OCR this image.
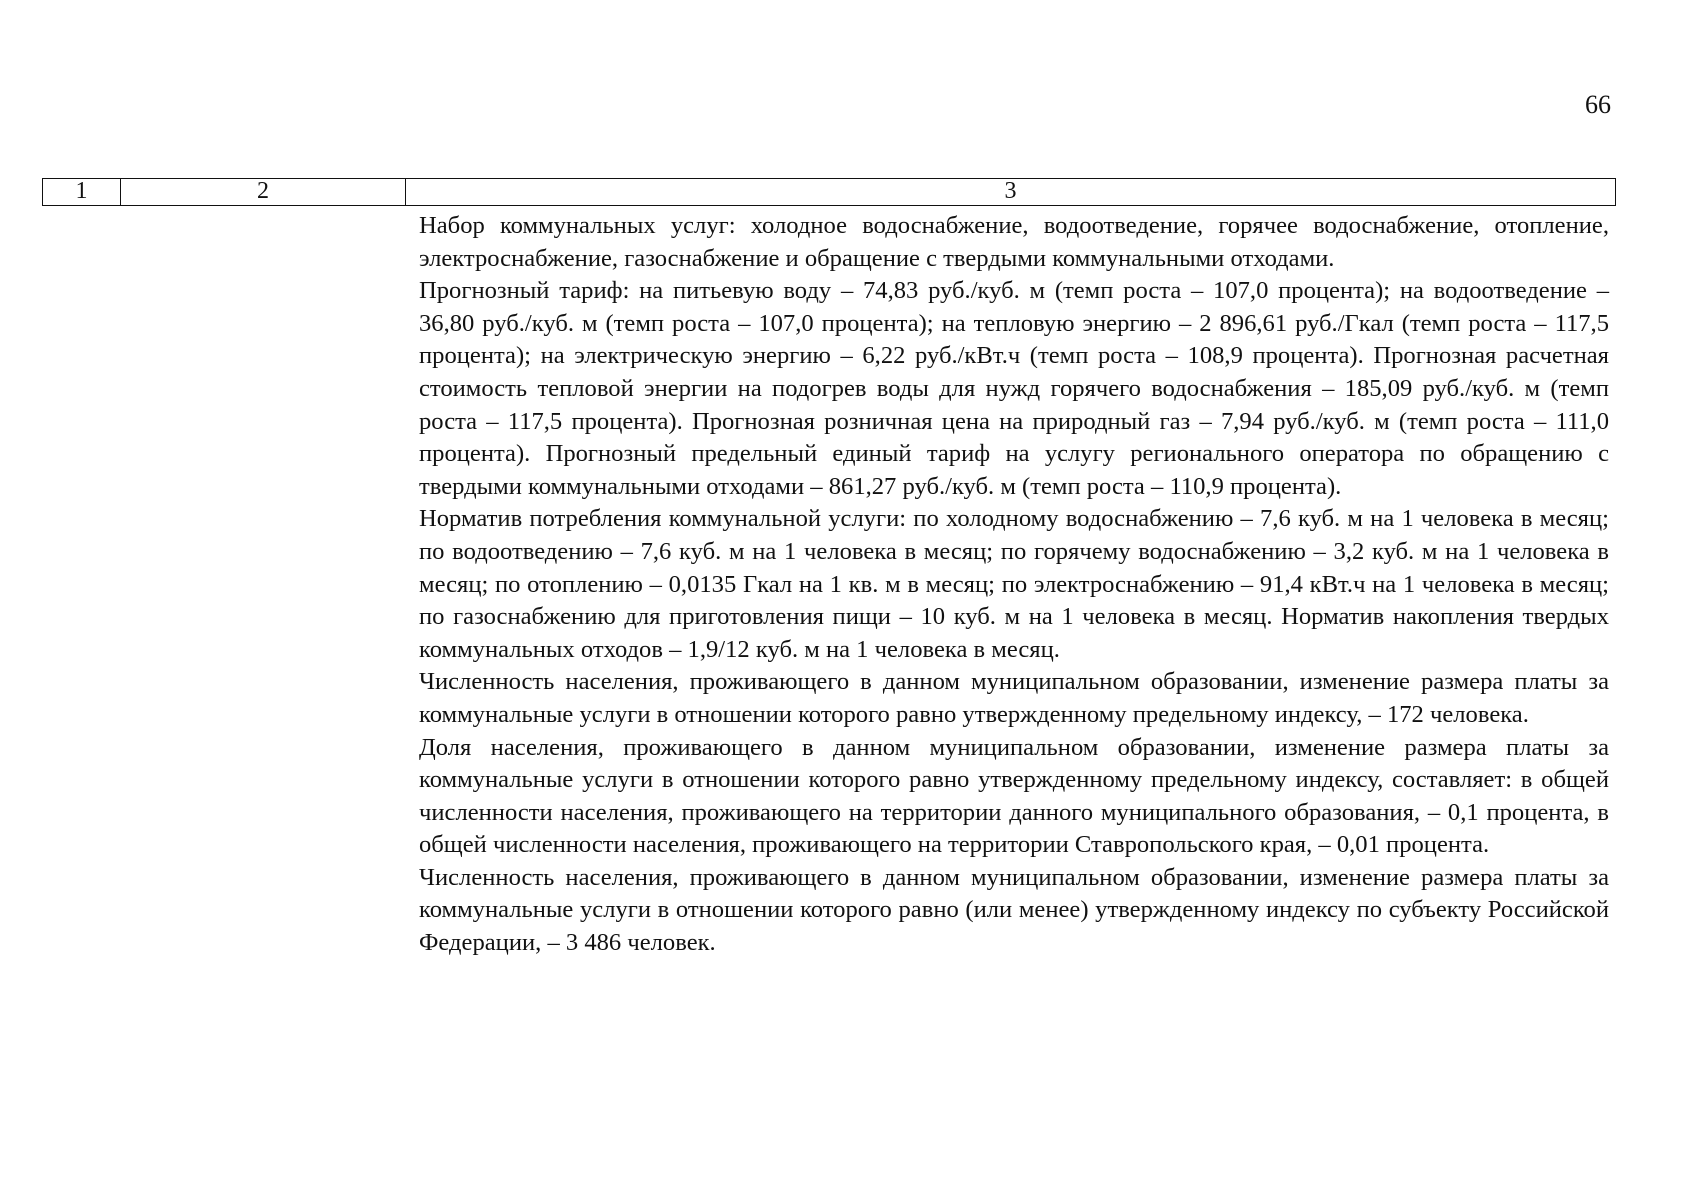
66
1	2	3

Набор коммунальных услуг: холодное водоснабжение, водоотведение, горячее водоснабжение, отопление, электроснабжение, газоснабжение и обращение с твердыми коммунальными отходами.

Прогнозный тариф: на питьевую воду – 74,83 руб./куб. м (темп роста – 107,0 процента); на водоотведение – 36,80 руб./куб. м (темп роста – 107,0 процента); на тепловую энергию – 2 896,61 руб./Гкал (темп роста – 117,5 процента); на электрическую энергию – 6,22 руб./кВт.ч (темп роста – 108,9 процента). Прогнозная расчетная стоимость тепловой энергии на подогрев воды для нужд горячего водоснабжения – 185,09 руб./куб. м (темп роста – 117,5 процента). Прогнозная розничная цена на природный газ – 7,94 руб./куб. м (темп роста – 111,0 процента). Прогнозный предельный единый тариф на услугу регионального оператора по обращению с твердыми коммунальными отходами – 861,27 руб./куб. м (темп роста – 110,9 процента).

Норматив потребления коммунальной услуги: по холодному водоснабжению – 7,6 куб. м на 1 человека в месяц; по водоотведению – 7,6 куб. м на 1 человека в месяц; по горячему водоснабжению – 3,2 куб. м на 1 человека в месяц; по отоплению – 0,0135 Гкал на 1 кв. м в месяц; по электроснабжению – 91,4 кВт.ч на 1 человека в месяц; по газоснабжению для приготовления пищи – 10 куб. м на 1 человека в месяц. Норматив накопления твердых коммунальных отходов – 1,9/12 куб. м на 1 человека в месяц.

Численность населения, проживающего в данном муниципальном образовании, изменение размера платы за коммунальные услуги в отношении которого равно утвержденному предельному индексу, – 172 человека.

Доля населения, проживающего в данном муниципальном образовании, изменение размера платы за коммунальные услуги в отношении которого равно утвержденному предельному индексу, составляет: в общей численности населения, проживающего на территории данного муниципального образования, – 0,1 процента, в общей численности населения, проживающего на территории Ставропольского края, – 0,01 процента.

Численность населения, проживающего в данном муниципальном образовании, изменение размера платы за коммунальные услуги в отношении которого равно (или менее) утвержденному индексу по субъекту Российской Федерации, – 3 486 человек.
